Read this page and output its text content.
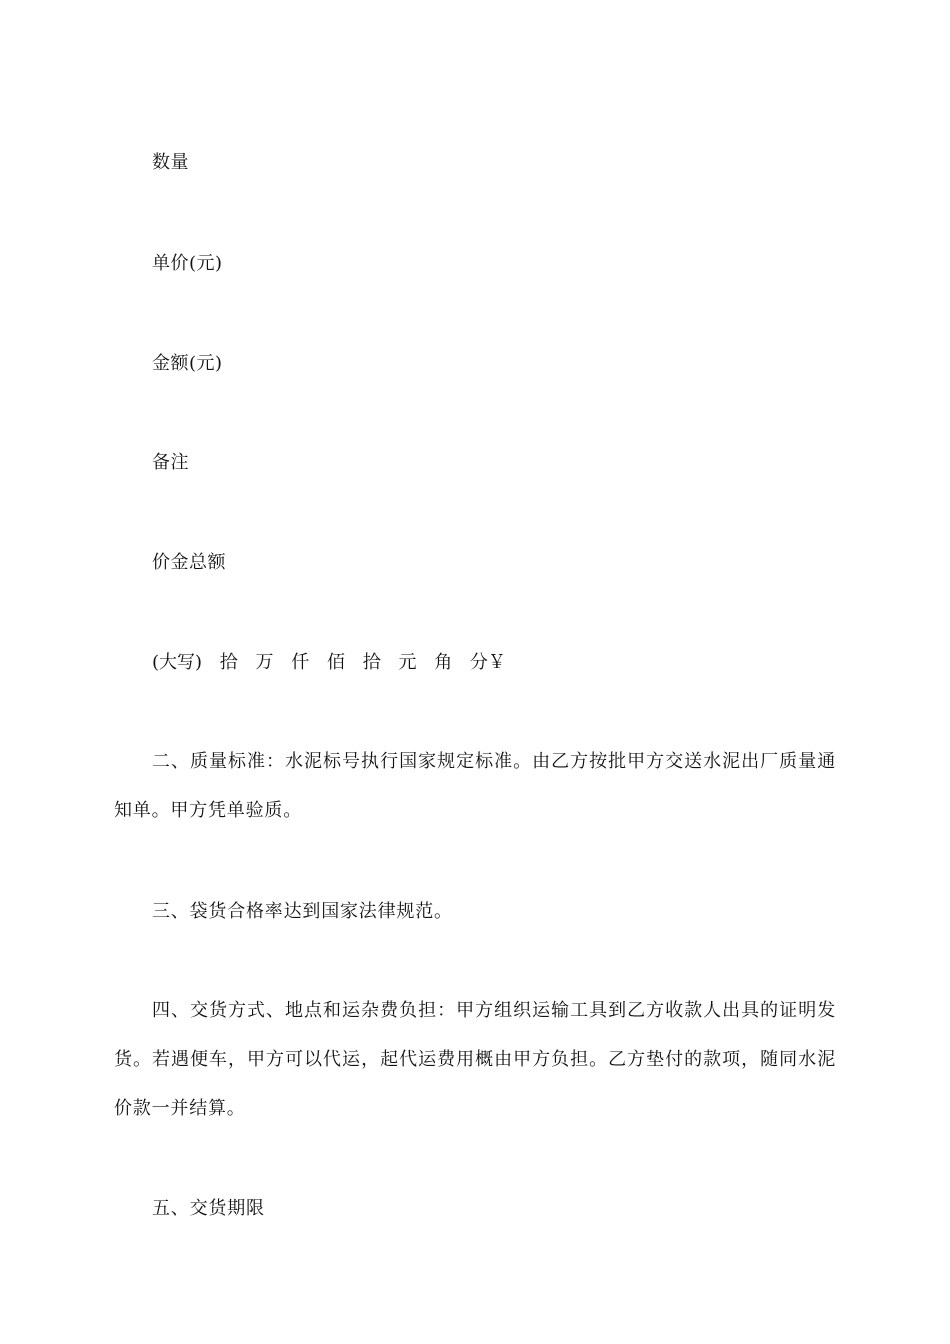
数量
单价(元)
金额(元)
备注
价金总额
(大写) 拾 万 仟 佰 拾 元 角 分￥
二、质量标准：水泥标号执行国家规定标准。由乙方按批甲方交送水泥出厂质量通知单。甲方凭单验质。
三、袋货合格率达到国家法律规范。
四、交货方式、地点和运杂费负担：甲方组织运输工具到乙方收款人出具的证明发货。若遇便车，甲方可以代运，起代运费用概由甲方负担。乙方垫付的款项，随同水泥价款一并结算。
五、交货期限
